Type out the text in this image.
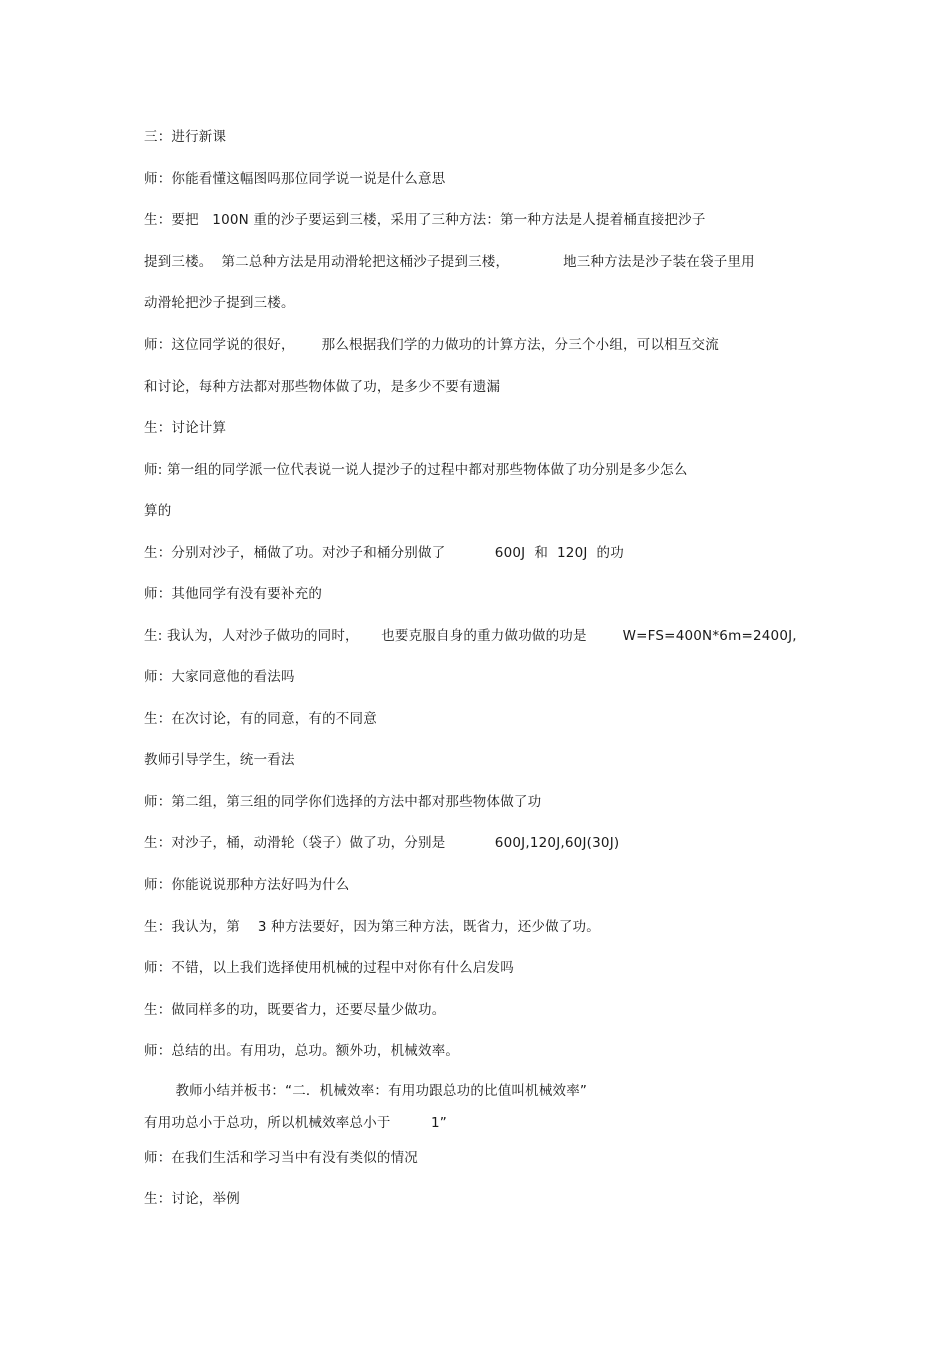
三：进行新课
师：你能看懂这幅图吗那位同学说一说是什么意思
生：要把   100N 重的沙子要运到三楼，采用了三种方法：第一种方法是人提着桶直接把沙子
提到三楼。  第二总种方法是用动滑轮把这桶沙子提到三楼，            地三种方法是沙子装在袋子里用
动滑轮把沙子提到三楼。
师：这位同学说的很好，      那么根据我们学的力做功的计算方法，分三个小组，可以相互交流
和讨论，每种方法都对那些物体做了功，是多少不要有遗漏
生：讨论计算
师: 第一组的同学派一位代表说一说人提沙子的过程中都对那些物体做了功分别是多少怎么
算的
生：分别对沙子，桶做了功。对沙子和桶分别做了           600J  和  120J  的功
师：其他同学有没有要补充的
生: 我认为，人对沙子做功的同时，     也要克服自身的重力做功做的功是        W=FS=400N*6m=2400J,
师：大家同意他的看法吗
生：在次讨论，有的同意，有的不同意
教师引导学生，统一看法
师：第二组，第三组的同学你们选择的方法中都对那些物体做了功
生：对沙子，桶，动滑轮（袋子）做了功，分别是           600J,120J,60J(30J)
师：你能说说那种方法好吗为什么
生：我认为，第    3 种方法要好，因为第三种方法，既省力，还少做了功。
师：不错，以上我们选择使用机械的过程中对你有什么启发吗
生：做同样多的功，既要省力，还要尽量少做功。
师：总结的出。有用功，总功。额外功，机械效率。
教师小结并板书：“二．机械效率：有用功跟总功的比值叫机械效率”
有用功总小于总功，所以机械效率总小于         1”
师：在我们生活和学习当中有没有类似的情况
生：讨论，举例
